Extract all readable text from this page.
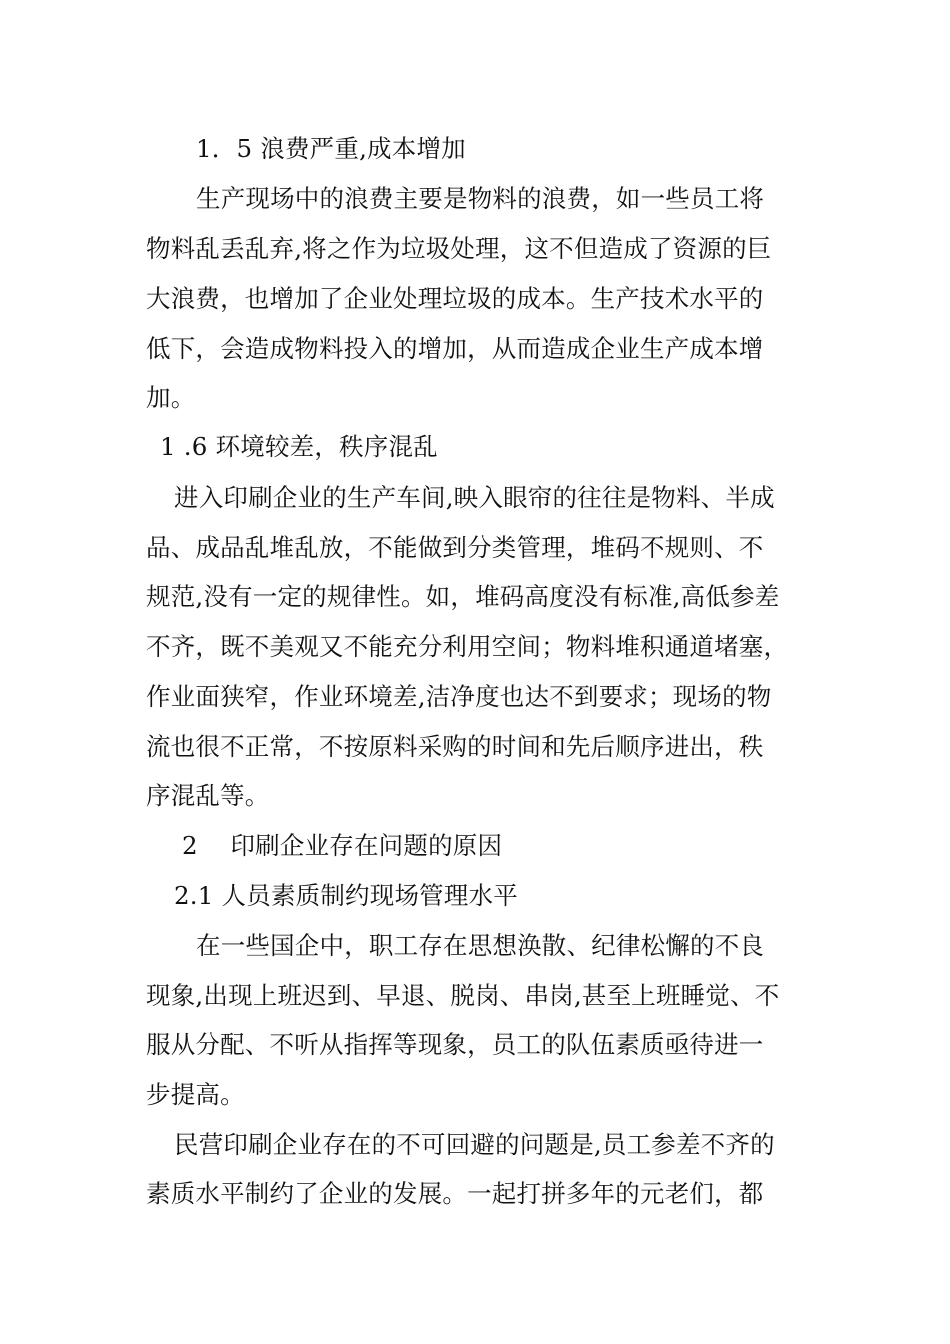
1．5 浪费严重,成本增加
生产现场中的浪费主要是物料的浪费，如一些员工将
物料乱丢乱弃,将之作为垃圾处理，这不但造成了资源的巨
大浪费，也增加了企业处理垃圾的成本。生产技术水平的
低下，会造成物料投入的增加，从而造成企业生产成本增
加。
1 .6 环境较差，秩序混乱
进入印刷企业的生产车间,映入眼帘的往往是物料、半成
品、成品乱堆乱放，不能做到分类管理，堆码不规则、不
规范,没有一定的规律性。如，堆码高度没有标准,高低参差
不齐，既不美观又不能充分利用空间；物料堆积通道堵塞，
作业面狭窄，作业环境差,洁净度也达不到要求；现场的物
流也很不正常，不按原料采购的时间和先后顺序进出，秩
序混乱等。
2　 印刷企业存在问题的原因
2.1 人员素质制约现场管理水平
在一些国企中，职工存在思想涣散、纪律松懈的不良
现象,出现上班迟到、早退、脱岗、串岗,甚至上班睡觉、不
服从分配、不听从指挥等现象，员工的队伍素质亟待进一
步提高。
民营印刷企业存在的不可回避的问题是,员工参差不齐的
素质水平制约了企业的发展。一起打拼多年的元老们，都
